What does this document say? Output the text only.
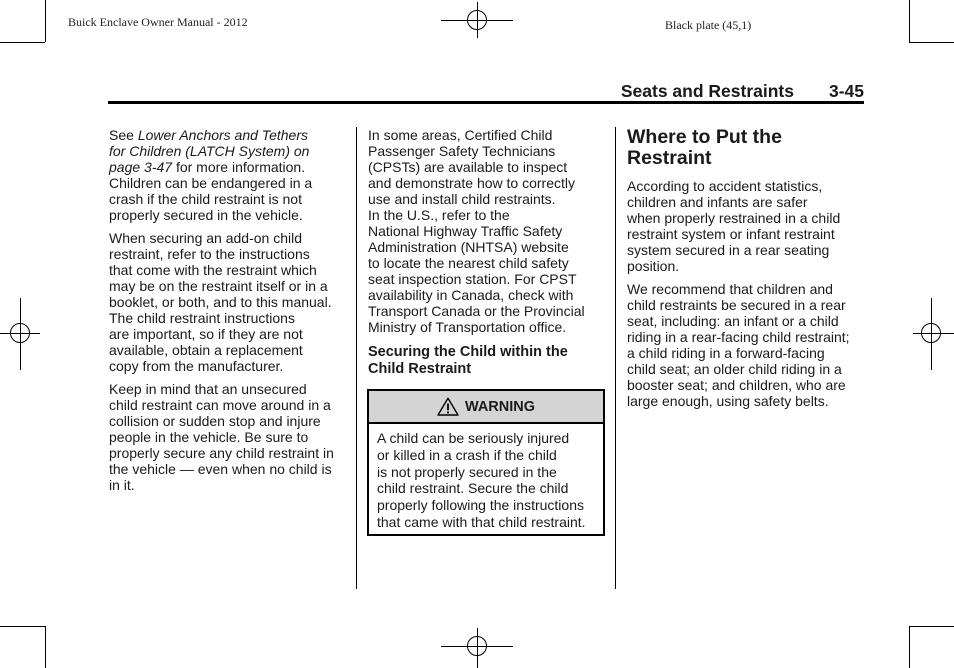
Buick Enclave Owner Manual - 2012	Black plate (45,1)
Seats and Restraints 3-45

See Lower Anchors and Tethers
for Children (LATCH System) on
page 3-47 for more information.
Children can be endangered in a
crash if the child restraint is not
properly secured in the vehicle.

When securing an add-on child
restraint, refer to the instructions
that come with the restraint which
may be on the restraint itself or in a
booklet, or both, and to this manual.
The child restraint instructions
are important, so if they are not
available, obtain a replacement
copy from the manufacturer.

Keep in mind that an unsecured
child restraint can move around in a
collision or sudden stop and injure
people in the vehicle. Be sure to
properly secure any child restraint in
the vehicle — even when no child is
in it.

In some areas, Certified Child
Passenger Safety Technicians
(CPSTs) are available to inspect
and demonstrate how to correctly
use and install child restraints.
In the U.S., refer to the
National Highway Traffic Safety
Administration (NHTSA) website
to locate the nearest child safety
seat inspection station. For CPST
availability in Canada, check with
Transport Canada or the Provincial
Ministry of Transportation office.

Securing the Child within the
Child Restraint
WARNING
A child can be seriously injured
or killed in a crash if the child
is not properly secured in the
child restraint. Secure the child
properly following the instructions
that came with that child restraint.
Where to Put the
Restraint

According to accident statistics,
children and infants are safer
when properly restrained in a child
restraint system or infant restraint
system secured in a rear seating
position.

We recommend that children and
child restraints be secured in a rear
seat, including: an infant or a child
riding in a rear-facing child restraint;
a child riding in a forward-facing
child seat; an older child riding in a
booster seat; and children, who are
large enough, using safety belts.
